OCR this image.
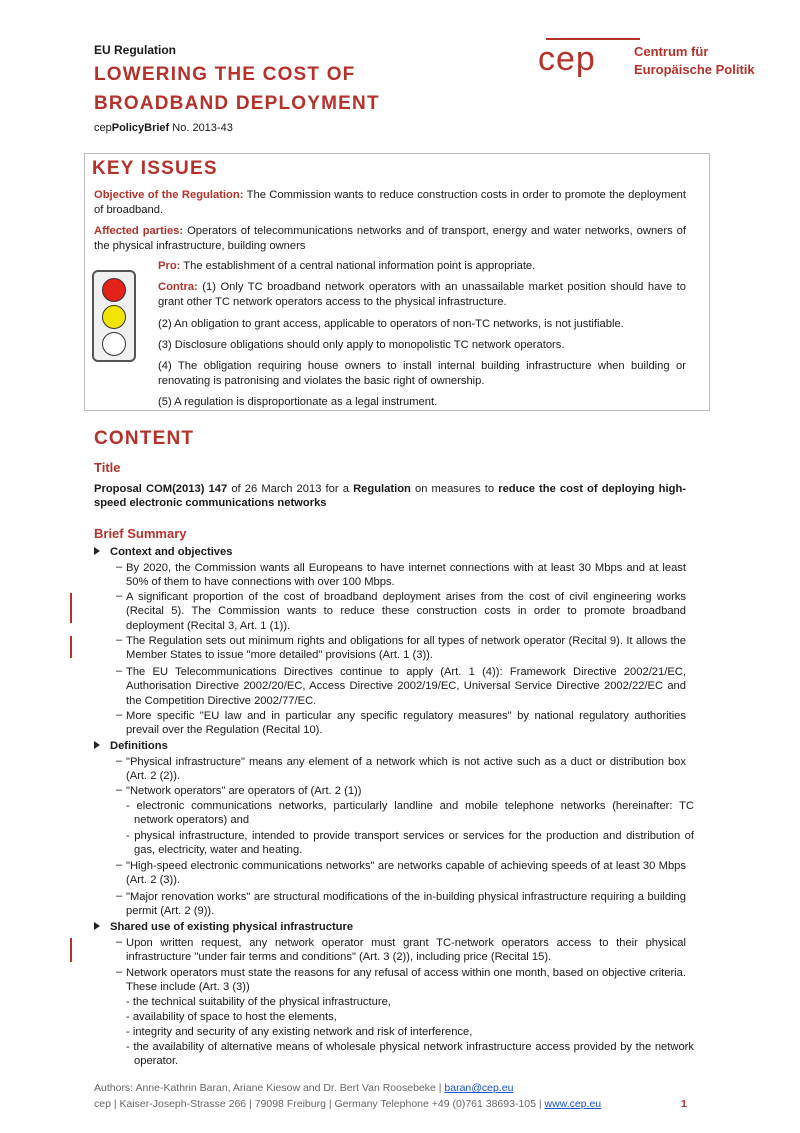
EU Regulation
LOWERING THE COST OF
BROADBAND DEPLOYMENT
cepPolicyBrief No. 2013-43
cep	Centrum für
Europäische Politik
KEY ISSUES
Objective of the Regulation: The Commission wants to reduce construction costs in order to promote the deployment of broadband.
Affected parties: Operators of telecommunications networks and of transport, energy and water networks, owners of the physical infrastructure, building owners
Pro: The establishment of a central national information point is appropriate.
Contra: (1) Only TC broadband network operators with an unassailable market position should have to grant other TC network operators access to the physical infrastructure.
(2) An obligation to grant access, applicable to operators of non-TC networks, is not justifiable.
(3) Disclosure obligations should only apply to monopolistic TC network operators.
(4) The obligation requiring house owners to install internal building infrastructure when building or renovating is patronising and violates the basic right of ownership.
(5) A regulation is disproportionate as a legal instrument.
CONTENT
Title
Proposal COM(2013) 147 of 26 March 2013 for a Regulation on measures to reduce the cost of deploying high-speed electronic communications networks
Brief Summary
Context and objectives
– By 2020, the Commission wants all Europeans to have internet connections with at least 30 Mbps and at least 50% of them to have connections with over 100 Mbps.
– A significant proportion of the cost of broadband deployment arises from the cost of civil engineering works (Recital 5). The Commission wants to reduce these construction costs in order to promote broadband deployment (Recital 3, Art. 1 (1)).
– The Regulation sets out minimum rights and obligations for all types of network operator (Recital 9). It allows the Member States to issue "more detailed" provisions (Art. 1 (3)).
– The EU Telecommunications Directives continue to apply (Art. 1 (4)): Framework Directive 2002/21/EC, Authorisation Directive 2002/20/EC, Access Directive 2002/19/EC, Universal Service Directive 2002/22/EC and the Competition Directive 2002/77/EC.
– More specific "EU law and in particular any specific regulatory measures" by national regulatory authorities prevail over the Regulation (Recital 10).
Definitions
– "Physical infrastructure" means any element of a network which is not active such as a duct or distribution box (Art. 2 (2)).
– "Network operators" are operators of (Art. 2 (1))
- electronic communications networks, particularly landline and mobile telephone networks (hereinafter: TC network operators) and
- physical infrastructure, intended to provide transport services or services for the production and distribution of gas, electricity, water and heating.
– "High-speed electronic communications networks" are networks capable of achieving speeds of at least 30 Mbps (Art. 2 (3)).
– "Major renovation works" are structural modifications of the in-building physical infrastructure requiring a building permit (Art. 2 (9)).
Shared use of existing physical infrastructure
– Upon written request, any network operator must grant TC-network operators access to their physical infrastructure "under fair terms and conditions" (Art. 3 (2)), including price (Recital 15).
– Network operators must state the reasons for any refusal of access within one month, based on objective criteria. These include (Art. 3 (3))
- the technical suitability of the physical infrastructure,
- availability of space to host the elements,
- integrity and security of any existing network and risk of interference,
- the availability of alternative means of wholesale physical network infrastructure access provided by the network operator.
Authors: Anne-Kathrin Baran, Ariane Kiesow and Dr. Bert Van Roosebeke | baran@cep.eu
cep | Kaiser-Joseph-Strasse 266 | 79098 Freiburg | Germany Telephone +49 (0)761 38693-105 | www.cep.eu	1
